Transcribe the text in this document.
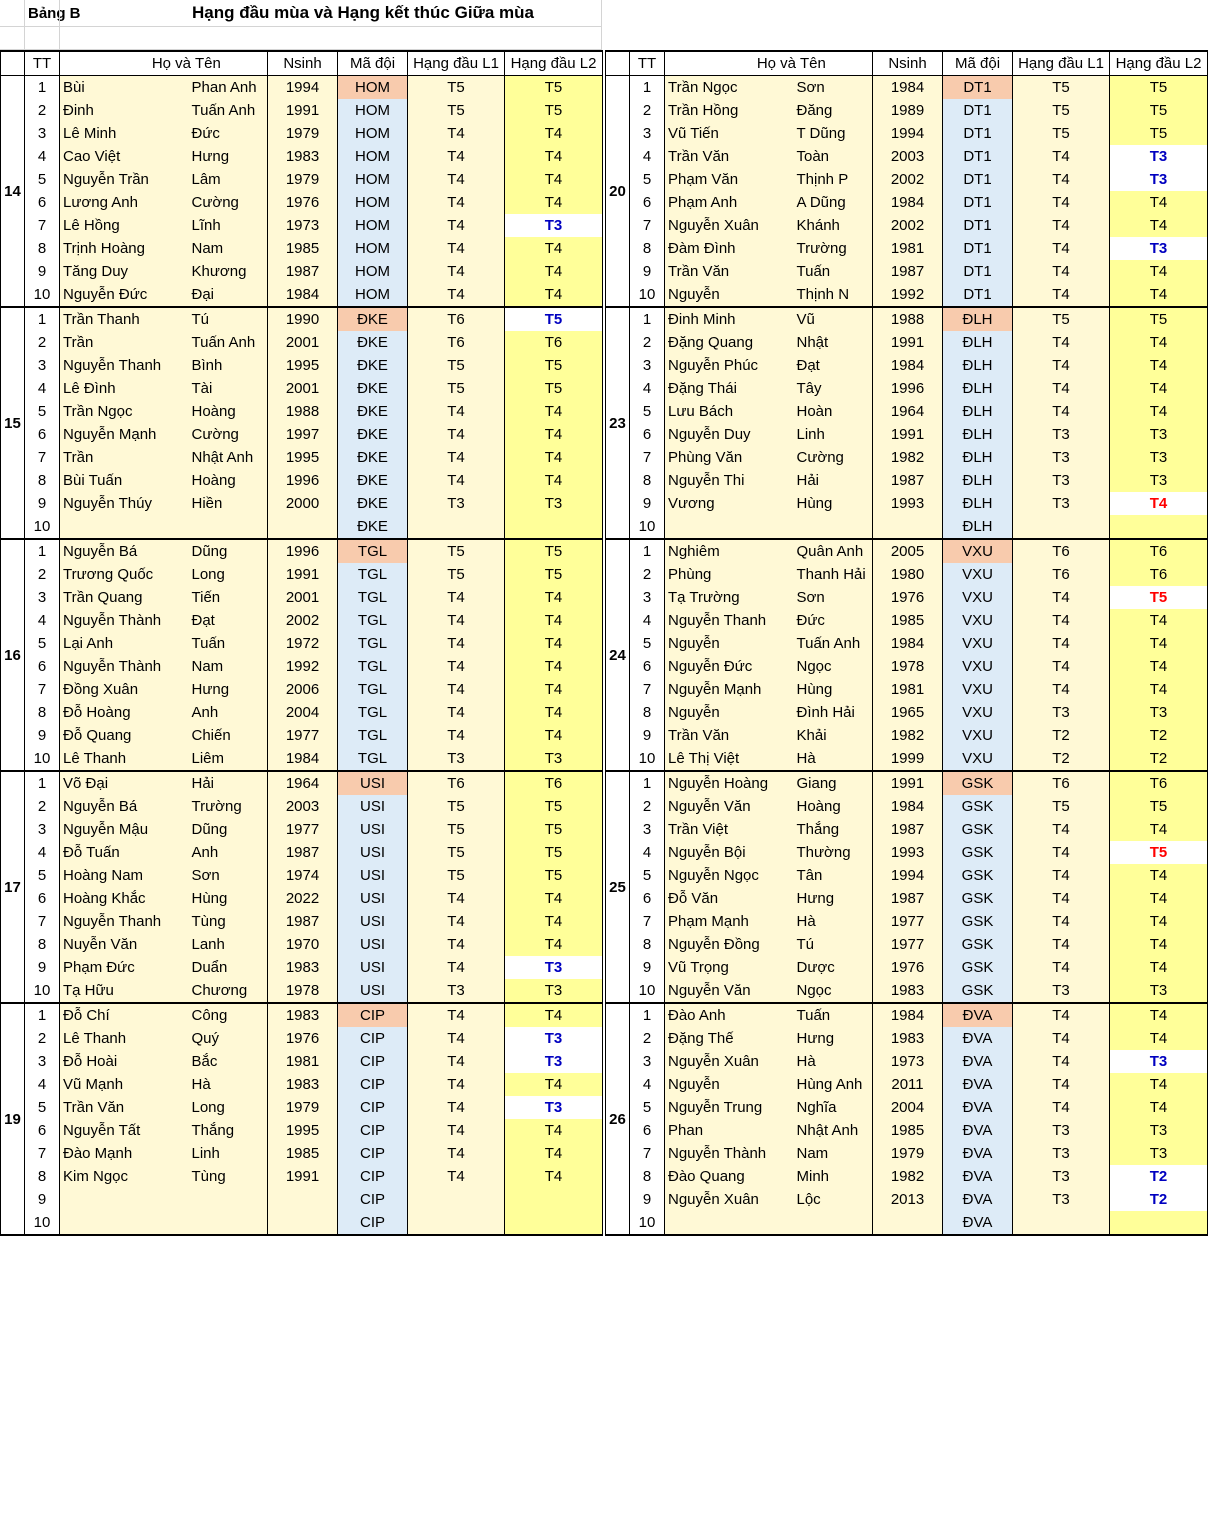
Bảng B	Hạng đầu mùa và Hạng kết thúc Giữa mùa
	TT	Họ và Tên		Nsinh	Mã đội	Hạng đầu L1	Hạng đầu L2
14	1	Bùi	Phan Anh	1994	HOM	T5	T5
	2	Đinh	Tuấn Anh	1991	HOM	T5	T5
	3	Lê Minh	Đức	1979	HOM	T4	T4
	4	Cao Việt	Hưng	1983	HOM	T4	T4
	5	Nguyễn Trần	Lâm	1979	HOM	T4	T4
	6	Lương Anh	Cường	1976	HOM	T4	T4
	7	Lê Hồng	Lĩnh	1973	HOM	T4	T3
	8	Trịnh Hoàng	Nam	1985	HOM	T4	T4
	9	Tăng Duy	Khương	1987	HOM	T4	T4
	10	Nguyễn Đức	Đại	1984	HOM	T4	T4
15	1	Trần Thanh	Tú	1990	ĐKE	T6	T5
	2	Trần	Tuấn Anh	2001	ĐKE	T6	T6
	3	Nguyễn Thanh	Bình	1995	ĐKE	T5	T5
	4	Lê Đình	Tài	2001	ĐKE	T5	T5
	5	Trần Ngọc	Hoàng	1988	ĐKE	T4	T4
	6	Nguyễn Mạnh	Cường	1997	ĐKE	T4	T4
	7	Trần	Nhật Anh	1995	ĐKE	T4	T4
	8	Bùi Tuấn	Hoàng	1996	ĐKE	T4	T4
	9	Nguyễn Thúy	Hiền	2000	ĐKE	T3	T3
	10				ĐKE		
16	1	Nguyễn Bá	Dũng	1996	TGL	T5	T5
	2	Trương Quốc	Long	1991	TGL	T5	T5
	3	Trần Quang	Tiến	2001	TGL	T4	T4
	4	Nguyễn Thành	Đạt	2002	TGL	T4	T4
	5	Lại Anh	Tuấn	1972	TGL	T4	T4
	6	Nguyễn Thành	Nam	1992	TGL	T4	T4
	7	Đồng Xuân	Hưng	2006	TGL	T4	T4
	8	Đỗ Hoàng	Anh	2004	TGL	T4	T4
	9	Đỗ Quang	Chiến	1977	TGL	T4	T4
	10	Lê Thanh	Liêm	1984	TGL	T3	T3
17	1	Võ Đại	Hải	1964	USI	T6	T6
	2	Nguyễn Bá	Trường	2003	USI	T5	T5
	3	Nguyễn Mậu	Dũng	1977	USI	T5	T5
	4	Đỗ Tuấn	Anh	1987	USI	T5	T5
	5	Hoàng Nam	Sơn	1974	USI	T5	T5
	6	Hoàng Khắc	Hùng	2022	USI	T4	T4
	7	Nguyễn Thanh	Tùng	1987	USI	T4	T4
	8	Nuyễn Văn	Lanh	1970	USI	T4	T4
	9	Phạm Đức	Duẩn	1983	USI	T4	T3
	10	Tạ Hữu	Chương	1978	USI	T3	T3
19	1	Đỗ Chí	Công	1983	CIP	T4	T4
	2	Lê Thanh	Quý	1976	CIP	T4	T3
	3	Đỗ Hoài	Bắc	1981	CIP	T4	T3
	4	Vũ Mạnh	Hà	1983	CIP	T4	T4
	5	Trần Văn	Long	1979	CIP	T4	T3
	6	Nguyễn Tất	Thắng	1995	CIP	T4	T4
	7	Đào Mạnh	Linh	1985	CIP	T4	T4
	8	Kim Ngọc	Tùng	1991	CIP	T4	T4
	9				CIP		
	10				CIP		
	TT	Họ và Tên		Nsinh	Mã đội	Hạng đầu L1	Hạng đầu L2
20	1	Trần Ngọc	Sơn	1984	DT1	T5	T5
	2	Trần Hồng	Đăng	1989	DT1	T5	T5
	3	Vũ Tiến	T Dũng	1994	DT1	T5	T5
	4	Trần Văn	Toàn	2003	DT1	T4	T3
	5	Phạm Văn	Thịnh P	2002	DT1	T4	T3
	6	Phạm Anh	A Dũng	1984	DT1	T4	T4
	7	Nguyễn Xuân	Khánh	2002	DT1	T4	T4
	8	Đàm Đình	Trường	1981	DT1	T4	T3
	9	Trần Văn	Tuấn	1987	DT1	T4	T4
	10	Nguyễn	Thịnh N	1992	DT1	T4	T4
23	1	Đinh Minh	Vũ	1988	ĐLH	T5	T5
	2	Đặng Quang	Nhật	1991	ĐLH	T4	T4
	3	Nguyễn Phúc	Đạt	1984	ĐLH	T4	T4
	4	Đặng Thái	Tây	1996	ĐLH	T4	T4
	5	Lưu Bách	Hoàn	1964	ĐLH	T4	T4
	6	Nguyễn Duy	Linh	1991	ĐLH	T3	T3
	7	Phùng Văn	Cường	1982	ĐLH	T3	T3
	8	Nguyễn Thi	Hải	1987	ĐLH	T3	T3
	9	Vương	Hùng	1993	ĐLH	T3	T4
	10				ĐLH		
24	1	Nghiêm	Quân Anh	2005	VXU	T6	T6
	2	Phùng	Thanh Hải	1980	VXU	T6	T6
	3	Tạ Trường	Sơn	1976	VXU	T4	T5
	4	Nguyễn Thanh	Đức	1985	VXU	T4	T4
	5	Nguyễn	Tuấn Anh	1984	VXU	T4	T4
	6	Nguyễn Đức	Ngọc	1978	VXU	T4	T4
	7	Nguyễn Mạnh	Hùng	1981	VXU	T4	T4
	8	Nguyễn	Đình Hải	1965	VXU	T3	T3
	9	Trần Văn	Khải	1982	VXU	T2	T2
	10	Lê Thị Việt	Hà	1999	VXU	T2	T2
25	1	Nguyễn Hoàng	Giang	1991	GSK	T6	T6
	2	Nguyễn Văn	Hoàng	1984	GSK	T5	T5
	3	Trần Việt	Thắng	1987	GSK	T4	T4
	4	Nguyễn Bội	Thường	1993	GSK	T4	T5
	5	Nguyễn Ngọc	Tân	1994	GSK	T4	T4
	6	Đỗ Văn	Hưng	1987	GSK	T4	T4
	7	Phạm Mạnh	Hà	1977	GSK	T4	T4
	8	Nguyễn Đồng	Tú	1977	GSK	T4	T4
	9	Vũ Trọng	Dược	1976	GSK	T4	T4
	10	Nguyễn Văn	Ngọc	1983	GSK	T3	T3
26	1	Đào Anh	Tuấn	1984	ĐVA	T4	T4
	2	Đặng Thế	Hưng	1983	ĐVA	T4	T4
	3	Nguyễn Xuân	Hà	1973	ĐVA	T4	T3
	4	Nguyễn	Hùng Anh	2011	ĐVA	T4	T4
	5	Nguyễn Trung	Nghĩa	2004	ĐVA	T4	T4
	6	Phan	Nhật Anh	1985	ĐVA	T3	T3
	7	Nguyễn Thành	Nam	1979	ĐVA	T3	T3
	8	Đào Quang	Minh	1982	ĐVA	T3	T2
	9	Nguyễn Xuân	Lộc	2013	ĐVA	T3	T2
	10				ĐVA		
